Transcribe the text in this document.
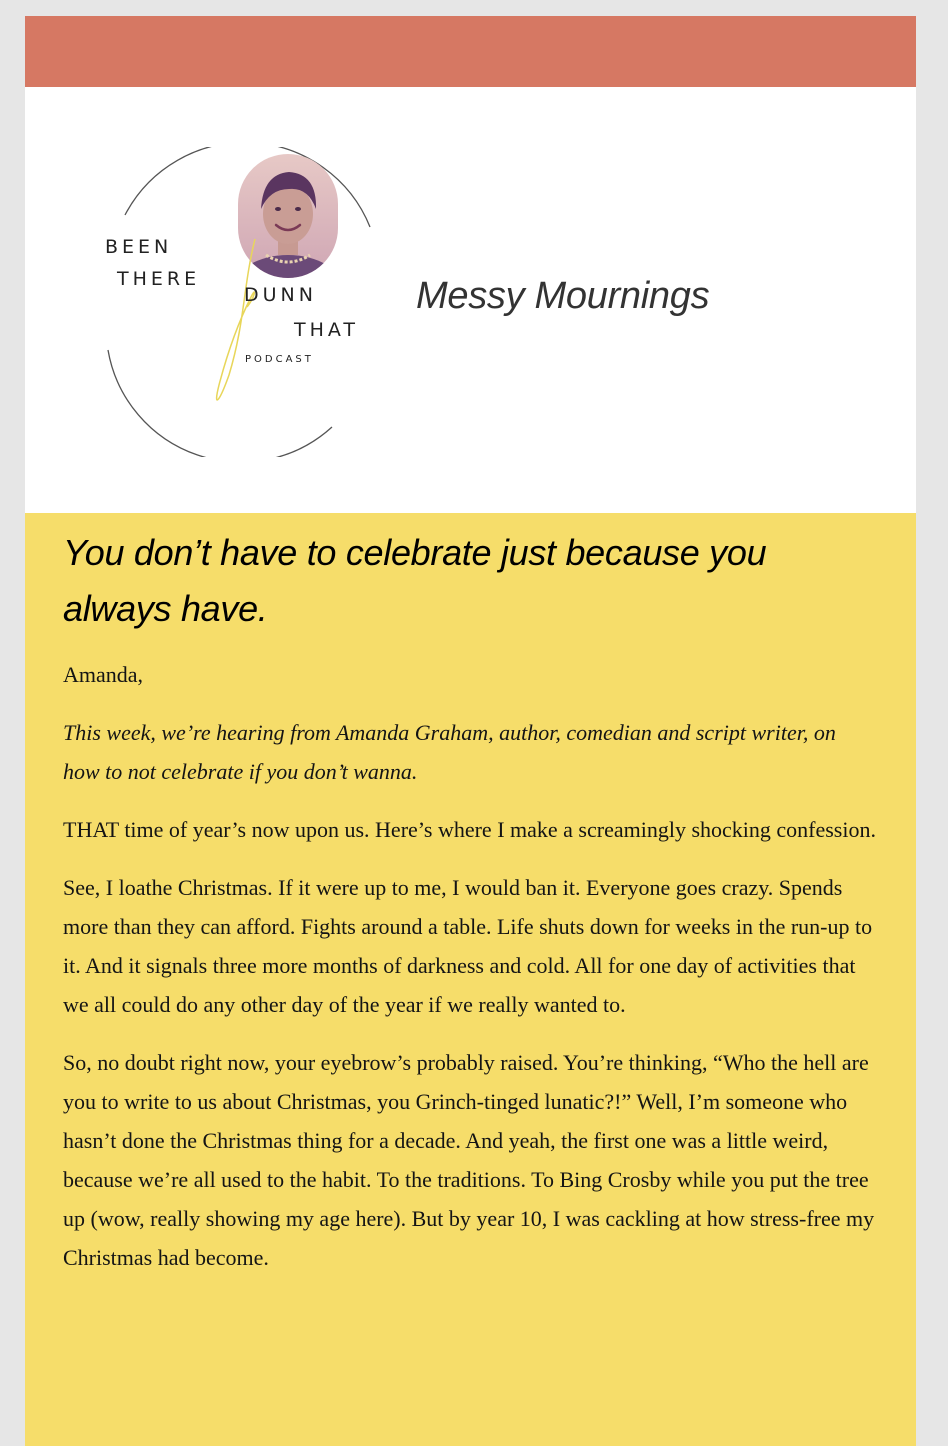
BEEN
THERE
DUNN
THAT
PODCAST
Messy Mournings
You don’t have to celebrate just because you always have.

Amanda,

This week, we’re hearing from Amanda Graham, author, comedian and script writer, on how to not celebrate if you don’t wanna.

THAT time of year’s now upon us. Here’s where I make a screamingly shocking confession.

See, I loathe Christmas. If it were up to me, I would ban it. Everyone goes crazy. Spends more than they can afford. Fights around a table. Life shuts down for weeks in the run-up to it. And it signals three more months of darkness and cold. All for one day of activities that we all could do any other day of the year if we really wanted to.

So, no doubt right now, your eyebrow’s probably raised. You’re thinking, “Who the hell are you to write to us about Christmas, you Grinch-tinged lunatic?!” Well, I’m someone who hasn’t done the Christmas thing for a decade. And yeah, the first one was a little weird, because we’re all used to the habit. To the traditions. To Bing Crosby while you put the tree up (wow, really showing my age here). But by year 10, I was cackling at how stress-free my Christmas had become.
